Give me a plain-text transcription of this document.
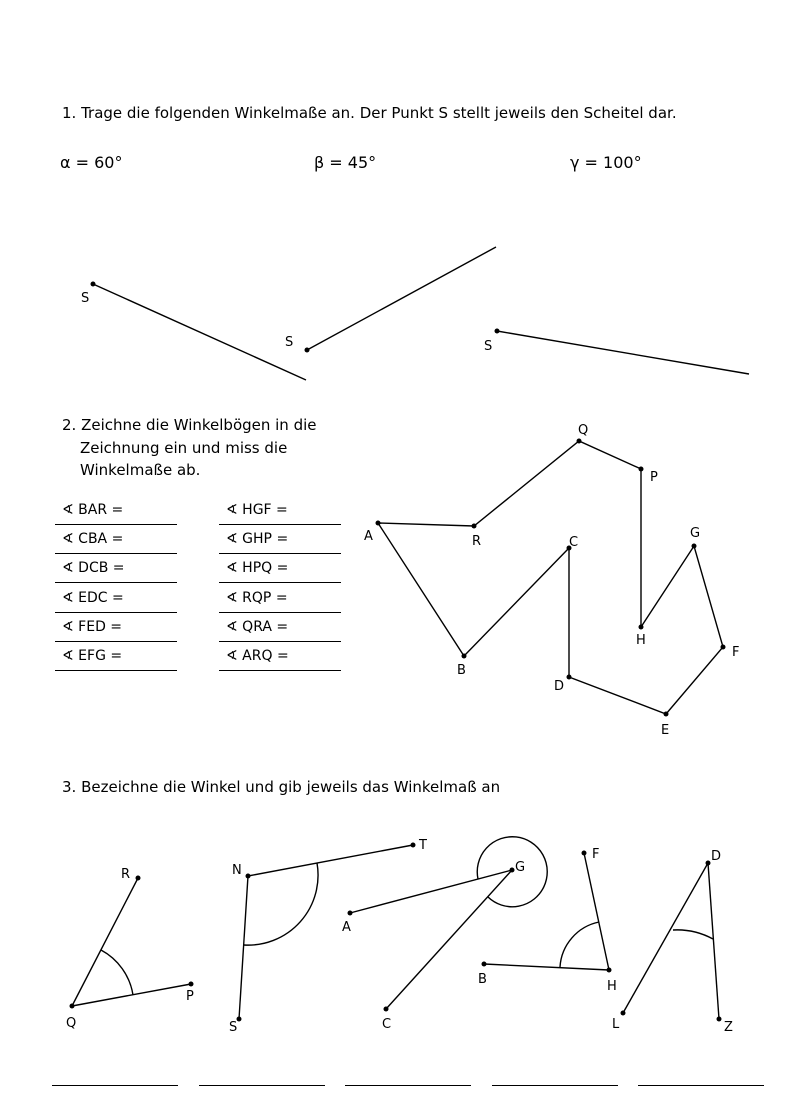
1. Trage die folgenden Winkelmaße an. Der Punkt S stellt jeweils den Scheitel dar.
α = 60°	β = 45°	γ = 100°
2. Zeichne die Winkelbögen in die
Zeichnung ein und miss die
Winkelmaße ab.
∢ BAR =
∢ CBA =
∢ DCB =
∢ EDC =
∢ FED =
∢ EFG =
∢ HGF =
∢ GHP =
∢ HPQ =
∢ RQP =
∢ QRA =
∢ ARQ =
3. Bezeichne die Winkel und gib jeweils das Winkelmaß an
S
S	S
Q
P
A	R	C
G
H
F
B
D
E
R
Q
P
N
T
S
G
A
C
F
B	H
D
L	Z
